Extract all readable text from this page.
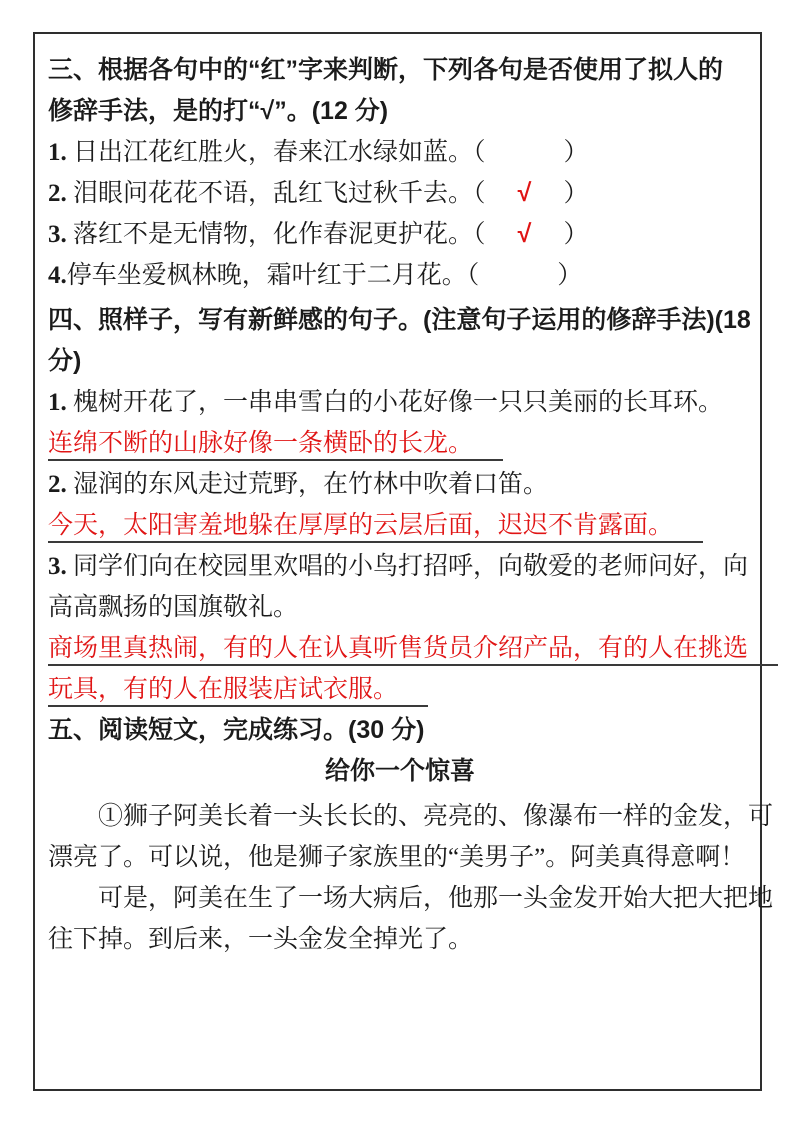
三、根据各句中的“红”字来判断，下列各句是否使用了拟人的
修辞手法，是的打“√”。(12 分)
1. 日出江花红胜火，春来江水绿如蓝。（	）
2. 泪眼问花花不语，乱红飞过秋千去。（ √ ）
3. 落红不是无情物，化作春泥更护花。（ √ ）
4.停车坐爱枫林晚，霜叶红于二月花。（	）
四、照样子，写有新鲜感的句子。(注意句子运用的修辞手法)(18
分)
1. 槐树开花了，一串串雪白的小花好像一只只美丽的长耳环。
连绵不断的山脉好像一条横卧的长龙。
2. 湿润的东风走过荒野，在竹林中吹着口笛。
今天，太阳害羞地躲在厚厚的云层后面，迟迟不肯露面。
3. 同学们向在校园里欢唱的小鸟打招呼，向敬爱的老师问好，向
高高飘扬的国旗敬礼。
商场里真热闹，有的人在认真听售货员介绍产品，有的人在挑选
玩具，有的人在服装店试衣服。
五、阅读短文，完成练习。(30 分)
给你一个惊喜
①狮子阿美长着一头长长的、亮亮的、像瀑布一样的金发，可
漂亮了。可以说，他是狮子家族里的“美男子”。阿美真得意啊！
可是，阿美在生了一场大病后，他那一头金发开始大把大把地
往下掉。到后来，一头金发全掉光了。
